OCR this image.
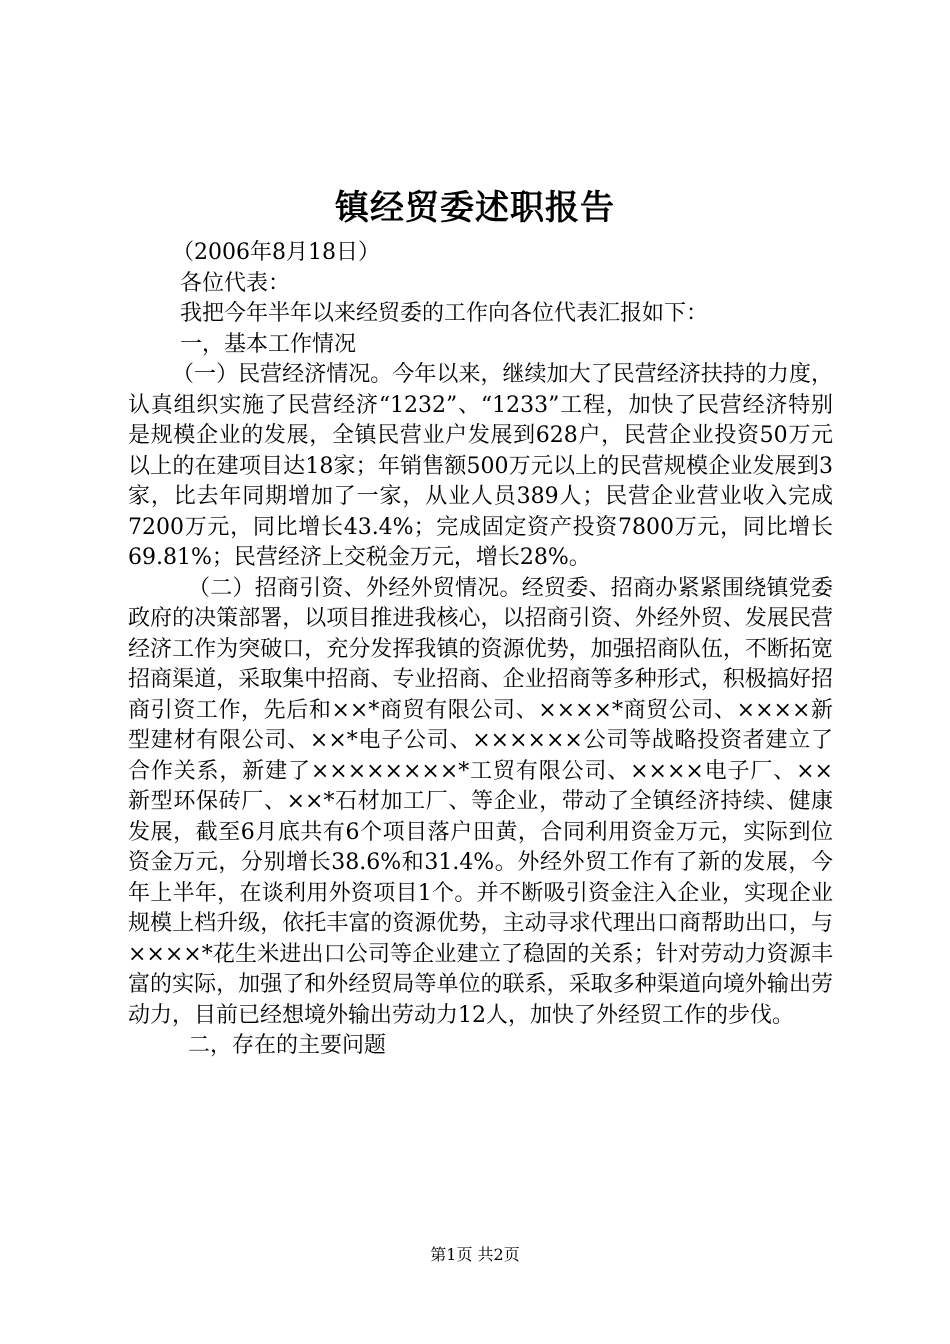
镇经贸委述职报告

（2006年8月18日）

各位代表：

我把今年半年以来经贸委的工作向各位代表汇报如下：

一，基本工作情况

（一）民营经济情况。今年以来，继续加大了民营经济扶持的力度，认真组织实施了民营经济“1232”、“1233”工程，加快了民营经济特别是规模企业的发展，全镇民营业户发展到628户，民营企业投资50万元以上的在建项目达18家；年销售额500万元以上的民营规模企业发展到3家，比去年同期增加了一家，从业人员389人；民营企业营业收入完成7200万元，同比增长43.4%；完成固定资产投资7800万元，同比增长69.81%；民营经济上交税金万元，增长28%。

（二）招商引资、外经外贸情况。经贸委、招商办紧紧围绕镇党委政府的决策部署，以项目推进我核心，以招商引资、外经外贸、发展民营经济工作为突破口，充分发挥我镇的资源优势，加强招商队伍，不断拓宽招商渠道，采取集中招商、专业招商、企业招商等多种形式，积极搞好招商引资工作，先后和××*商贸有限公司、××××*商贸公司、××××新型建材有限公司、××*电子公司、××××××公司等战略投资者建立了合作关系，新建了××××××××*工贸有限公司、××××电子厂、××新型环保砖厂、××*石材加工厂、等企业，带动了全镇经济持续、健康发展，截至6月底共有6个项目落户田黄，合同利用资金万元，实际到位资金万元，分别增长38.6%和31.4%。外经外贸工作有了新的发展，今年上半年，在谈利用外资项目1个。并不断吸引资金注入企业，实现企业规模上档升级，依托丰富的资源优势，主动寻求代理出口商帮助出口，与××××*花生米进出口公司等企业建立了稳固的关系；针对劳动力资源丰富的实际，加强了和外经贸局等单位的联系，采取多种渠道向境外输出劳动力，目前已经想境外输出劳动力12人，加快了外经贸工作的步伐。

二，存在的主要问题

第1页 共2页
